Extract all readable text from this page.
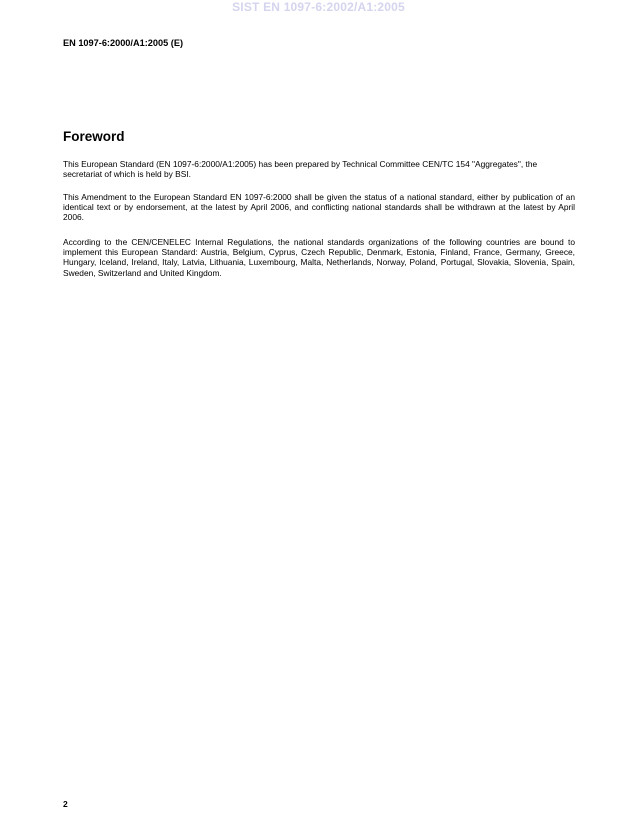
SIST EN 1097-6:2002/A1:2005
EN 1097-6:2000/A1:2005 (E)
Foreword

This European Standard (EN 1097-6:2000/A1:2005) has been prepared by Technical Committee CEN/TC 154 "Aggregates", the secretariat of which is held by BSI.

This Amendment to the European Standard EN 1097-6:2000 shall be given the status of a national standard, either by publication of an identical text or by endorsement, at the latest by April 2006, and conflicting national standards shall be withdrawn at the latest by April 2006.

According to the CEN/CENELEC Internal Regulations, the national standards organizations of the following countries are bound to implement this European Standard: Austria, Belgium, Cyprus, Czech Republic, Denmark, Estonia, Finland, France, Germany, Greece, Hungary, Iceland, Ireland, Italy, Latvia, Lithuania, Luxembourg, Malta, Netherlands, Norway, Poland, Portugal, Slovakia, Slovenia, Spain, Sweden, Switzerland and United Kingdom.

2
